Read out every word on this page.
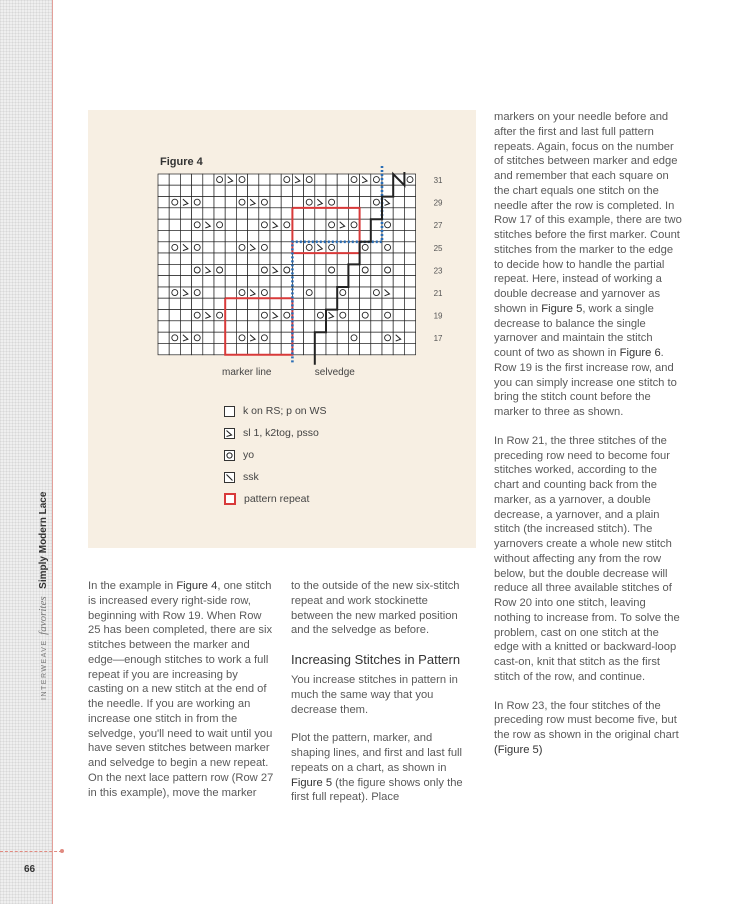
INTERWEAVE favorites Simply Modern Lace
66
Figure 4
31
29
27
25
23
21
19
17
marker line	selvedge
k on RS; p on WS
sl 1, k2tog, psso
yo
ssk
pattern repeat

In the example in Figure 4, one stitch is increased every right-side row, beginning with Row 19. When Row 25 has been completed, there are six stitches between the marker and edge—enough stitches to work a full repeat if you are increasing by casting on a new stitch at the end of the needle. If you are working an increase one stitch in from the selvedge, you'll need to wait until you have seven stitches between marker and selvedge to begin a new repeat. On the next lace pattern row (Row 27 in this example), move the marker

to the outside of the new six-stitch repeat and work stockinette between the new marked position and the selvedge as before.

Increasing Stitches in Pattern

You increase stitches in pattern in much the same way that you decrease them.

Plot the pattern, marker, and shaping lines, and first and last full repeats on a chart, as shown in Figure 5 (the figure shows only the first full repeat). Place

markers on your needle before and after the first and last full pattern repeats. Again, focus on the number of stitches between marker and edge and remember that each square on the chart equals one stitch on the needle after the row is completed. In Row 17 of this example, there are two stitches before the first marker. Count stitches from the marker to the edge to decide how to handle the partial repeat. Here, instead of working a double decrease and yarnover as shown in Figure 5, work a single decrease to balance the single yarnover and maintain the stitch count of two as shown in Figure 6. Row 19 is the first increase row, and you can simply increase one stitch to bring the stitch count before the marker to three as shown.

In Row 21, the three stitches of the preceding row need to become four stitches worked, according to the chart and counting back from the marker, as a yarnover, a double decrease, a yarnover, and a plain stitch (the increased stitch). The yarnovers create a whole new stitch without affecting any from the row below, but the double decrease will reduce all three available stitches of Row 20 into one stitch, leaving nothing to increase from. To solve the problem, cast on one stitch at the edge with a knitted or backward-loop cast-on, knit that stitch as the first stitch of the row, and continue.

In Row 23, the four stitches of the preceding row must become five, but the row as shown in the original chart (Figure 5)
